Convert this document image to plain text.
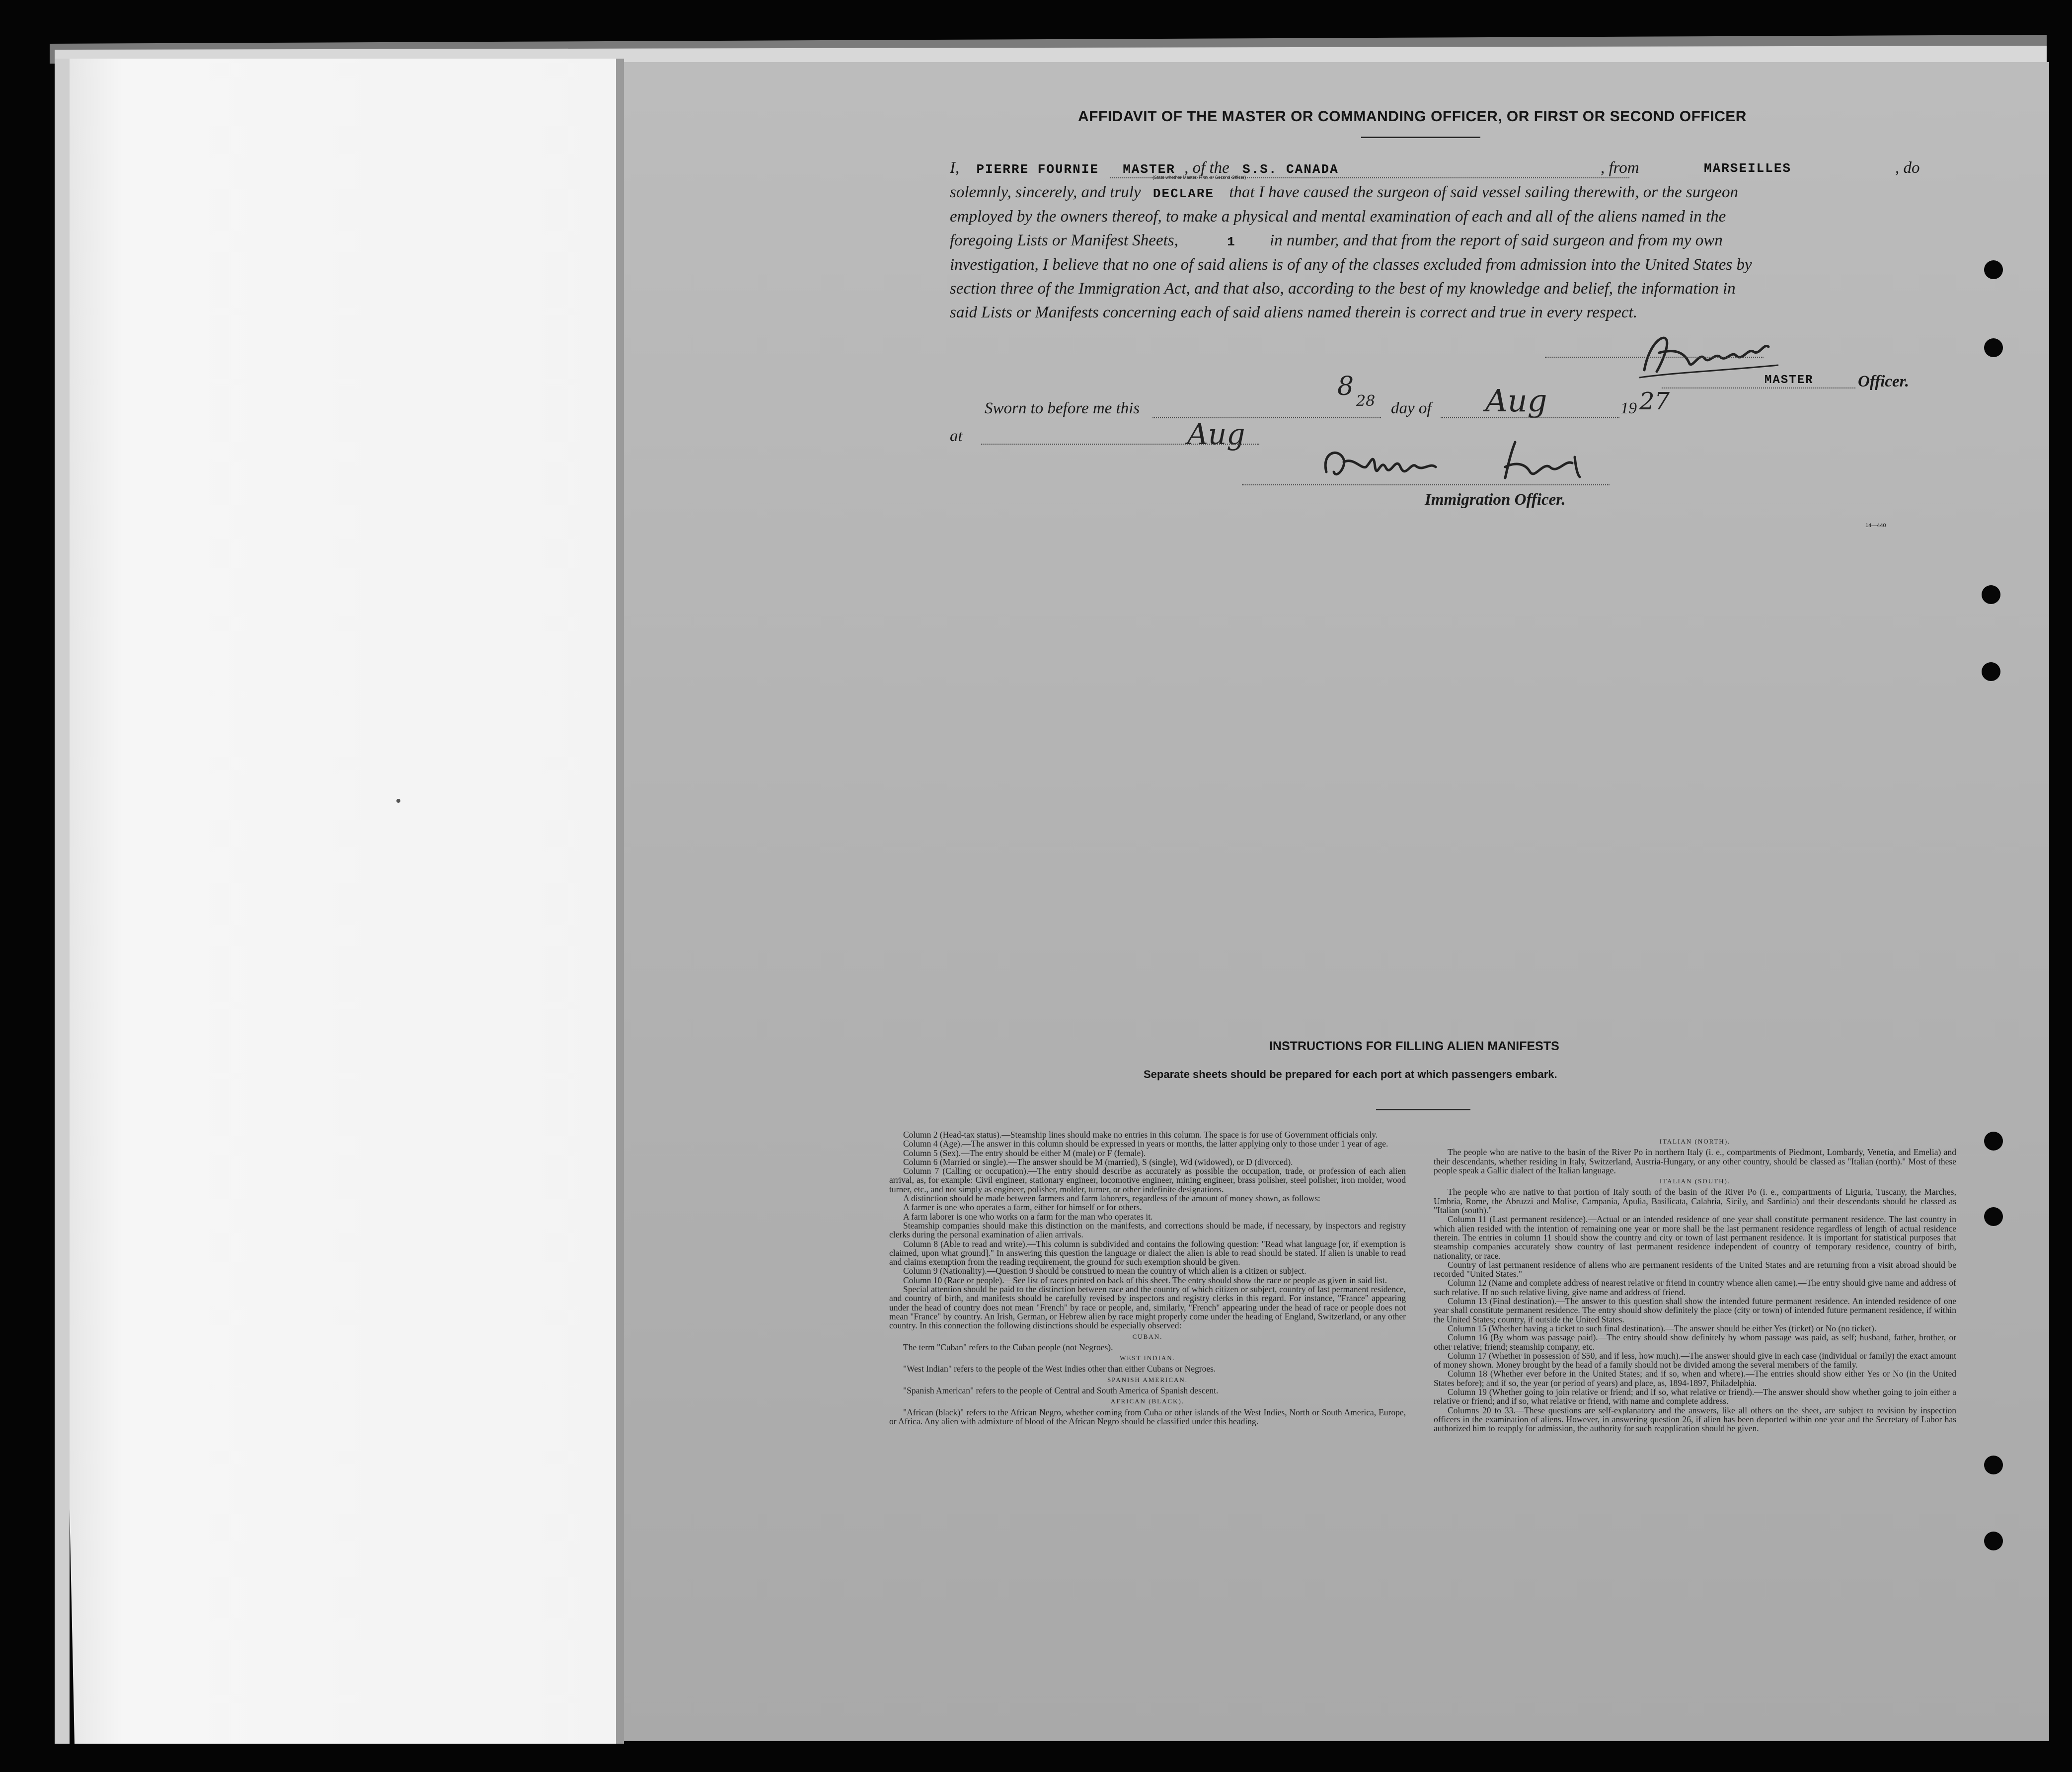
AFFIDAVIT OF THE MASTER OR COMMANDING OFFICER, OR FIRST OR SECOND OFFICER
I, PIERRE FOURNIE MASTER , of the S.S. CANADA	, from	MARSEILLES	, do
(State whether Master, First, or Second Officer)
solemnly, sincerely, and truly DECLARE that I have caused the surgeon of said vessel sailing therewith, or the surgeon
employed by the owners thereof, to make a physical and mental examination of each and all of the aliens named in the
foregoing Lists or Manifest Sheets,	1 in number, and that from the report of said surgeon and from my own
investigation, I believe that no one of said aliens is of any of the classes excluded from admission into the United States by
section three of the Immigration Act, and that also, according to the best of my knowledge and belief, the information in
said Lists or Manifests concerning each of said aliens named therein is correct and true in every respect.
MASTER	Officer.
Sworn to before me this
8 28 day of Aug	19 27
at	Aug
Immigration Officer.
14—440
INSTRUCTIONS FOR FILLING ALIEN MANIFESTS
Separate sheets should be prepared for each port at which passengers embark.

Column 2 (Head-tax status).—Steamship lines should make no entries in this column. The space is for use of Government officials only.

Column 4 (Age).—The answer in this column should be expressed in years or months, the latter applying only to those under 1 year of age.

Column 5 (Sex).—The entry should be either M (male) or F (female).

Column 6 (Married or single).—The answer should be M (married), S (single), Wd (widowed), or D (divorced).

Column 7 (Calling or occupation).—The entry should describe as accurately as possible the occupation, trade, or profession of each alien arrival, as, for example: Civil engineer, stationary engineer, locomotive engineer, mining engineer, brass polisher, steel polisher, iron molder, wood turner, etc., and not simply as engineer, polisher, molder, turner, or other indefinite designations.

A distinction should be made between farmers and farm laborers, regardless of the amount of money shown, as follows:

A farmer is one who operates a farm, either for himself or for others.

A farm laborer is one who works on a farm for the man who operates it.

Steamship companies should make this distinction on the manifests, and corrections should be made, if necessary, by inspectors and registry clerks during the personal examination of alien arrivals.

Column 8 (Able to read and write).—This column is subdivided and contains the following question: "Read what language [or, if exemption is claimed, upon what ground]." In answering this question the language or dialect the alien is able to read should be stated. If alien is unable to read and claims exemption from the reading requirement, the ground for such exemption should be given.

Column 9 (Nationality).—Question 9 should be construed to mean the country of which alien is a citizen or subject.

Column 10 (Race or people).—See list of races printed on back of this sheet. The entry should show the race or people as given in said list.

Special attention should be paid to the distinction between race and the country of which citizen or subject, country of last permanent residence, and country of birth, and manifests should be carefully revised by inspectors and registry clerks in this regard. For instance, "France" appearing under the head of country does not mean "French" by race or people, and, similarly, "French" appearing under the head of race or people does not mean "France" by country. An Irish, German, or Hebrew alien by race might properly come under the heading of England, Switzerland, or any other country. In this connection the following distinctions should be especially observed:

CUBAN.

The term "Cuban" refers to the Cuban people (not Negroes).

WEST INDIAN.

"West Indian" refers to the people of the West Indies other than either Cubans or Negroes.

SPANISH AMERICAN.

"Spanish American" refers to the people of Central and South America of Spanish descent.

AFRICAN (BLACK).

"African (black)" refers to the African Negro, whether coming from Cuba or other islands of the West Indies, North or South America, Europe, or Africa. Any alien with admixture of blood of the African Negro should be classified under this heading.

ITALIAN (NORTH).

The people who are native to the basin of the River Po in northern Italy (i. e., compartments of Piedmont, Lombardy, Venetia, and Emelia) and their descendants, whether residing in Italy, Switzerland, Austria-Hungary, or any other country, should be classed as "Italian (north)." Most of these people speak a Gallic dialect of the Italian language.

ITALIAN (SOUTH).

The people who are native to that portion of Italy south of the basin of the River Po (i. e., compartments of Liguria, Tuscany, the Marches, Umbria, Rome, the Abruzzi and Molise, Campania, Apulia, Basilicata, Calabria, Sicily, and Sardinia) and their descendants should be classed as "Italian (south)."

Column 11 (Last permanent residence).—Actual or an intended residence of one year shall constitute permanent residence. The last country in which alien resided with the intention of remaining one year or more shall be the last permanent residence regardless of length of actual residence therein. The entries in column 11 should show the country and city or town of last permanent residence. It is important for statistical purposes that steamship companies accurately show country of last permanent residence independent of country of temporary residence, country of birth, nationality, or race.

Country of last permanent residence of aliens who are permanent residents of the United States and are returning from a visit abroad should be recorded "United States."

Column 12 (Name and complete address of nearest relative or friend in country whence alien came).—The entry should give name and address of such relative. If no such relative living, give name and address of friend.

Column 13 (Final destination).—The answer to this question shall show the intended future permanent residence. An intended residence of one year shall constitute permanent residence. The entry should show definitely the place (city or town) of intended future permanent residence, if within the United States; country, if outside the United States.

Column 15 (Whether having a ticket to such final destination).—The answer should be either Yes (ticket) or No (no ticket).

Column 16 (By whom was passage paid).—The entry should show definitely by whom passage was paid, as self; husband, father, brother, or other relative; friend; steamship company, etc.

Column 17 (Whether in possession of $50, and if less, how much).—The answer should give in each case (individual or family) the exact amount of money shown. Money brought by the head of a family should not be divided among the several members of the family.

Column 18 (Whether ever before in the United States; and if so, when and where).—The entries should show either Yes or No (in the United States before); and if so, the year (or period of years) and place, as, 1894-1897, Philadelphia.

Column 19 (Whether going to join relative or friend; and if so, what relative or friend).—The answer should show whether going to join either a relative or friend; and if so, what relative or friend, with name and complete address.

Columns 20 to 33.—These questions are self-explanatory and the answers, like all others on the sheet, are subject to revision by inspection officers in the examination of aliens. However, in answering question 26, if alien has been deported within one year and the Secretary of Labor has authorized him to reapply for admission, the authority for such reapplication should be given.
